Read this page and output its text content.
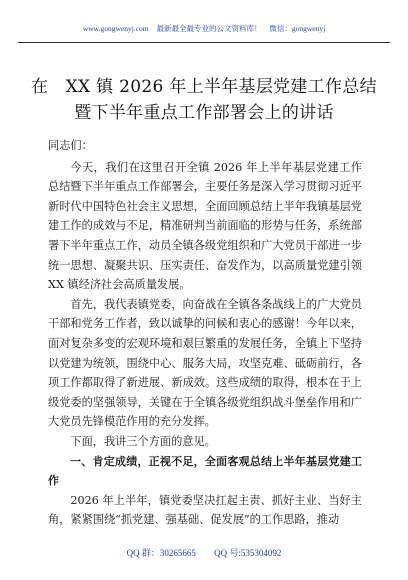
www.gongwenyj.com 最新最全最专业的公文资料库！ 微信：gongwenyj
在　XX 镇 2026 年上半年基层党建工作总结暨下半年重点工作部署会上的讲话

同志们：

今天，我们在这里召开全镇 2026 年上半年基层党建工作总结暨下半年重点工作部署会，主要任务是深入学习贯彻习近平新时代中国特色社会主义思想，全面回顾总结上半年我镇基层党建工作的成效与不足，精准研判当前面临的形势与任务，系统部署下半年重点工作，动员全镇各级党组织和广大党员干部进一步统一思想、凝聚共识、压实责任、奋发作为，以高质量党建引领 XX 镇经济社会高质量发展。

首先，我代表镇党委，向奋战在全镇各条战线上的广大党员干部和党务工作者，致以诚挚的问候和衷心的感谢！今年以来，面对复杂多变的宏观环境和艰巨繁重的发展任务，全镇上下坚持以党建为统领，围绕中心、服务大局，攻坚克难、砥砺前行，各项工作都取得了新进展、新成效。这些成绩的取得，根本在于上级党委的坚强领导，关键在于全镇各级党组织战斗堡垒作用和广大党员先锋模范作用的充分发挥。

下面，我讲三个方面的意见。

一、肯定成绩，正视不足，全面客观总结上半年基层党建工作

2026 年上半年，镇党委坚决扛起主责、抓好主业、当好主角，紧紧围绕“抓党建、强基础、促发展”的工作思路，推动

QQ 群：30265665 QQ 号:535304092
